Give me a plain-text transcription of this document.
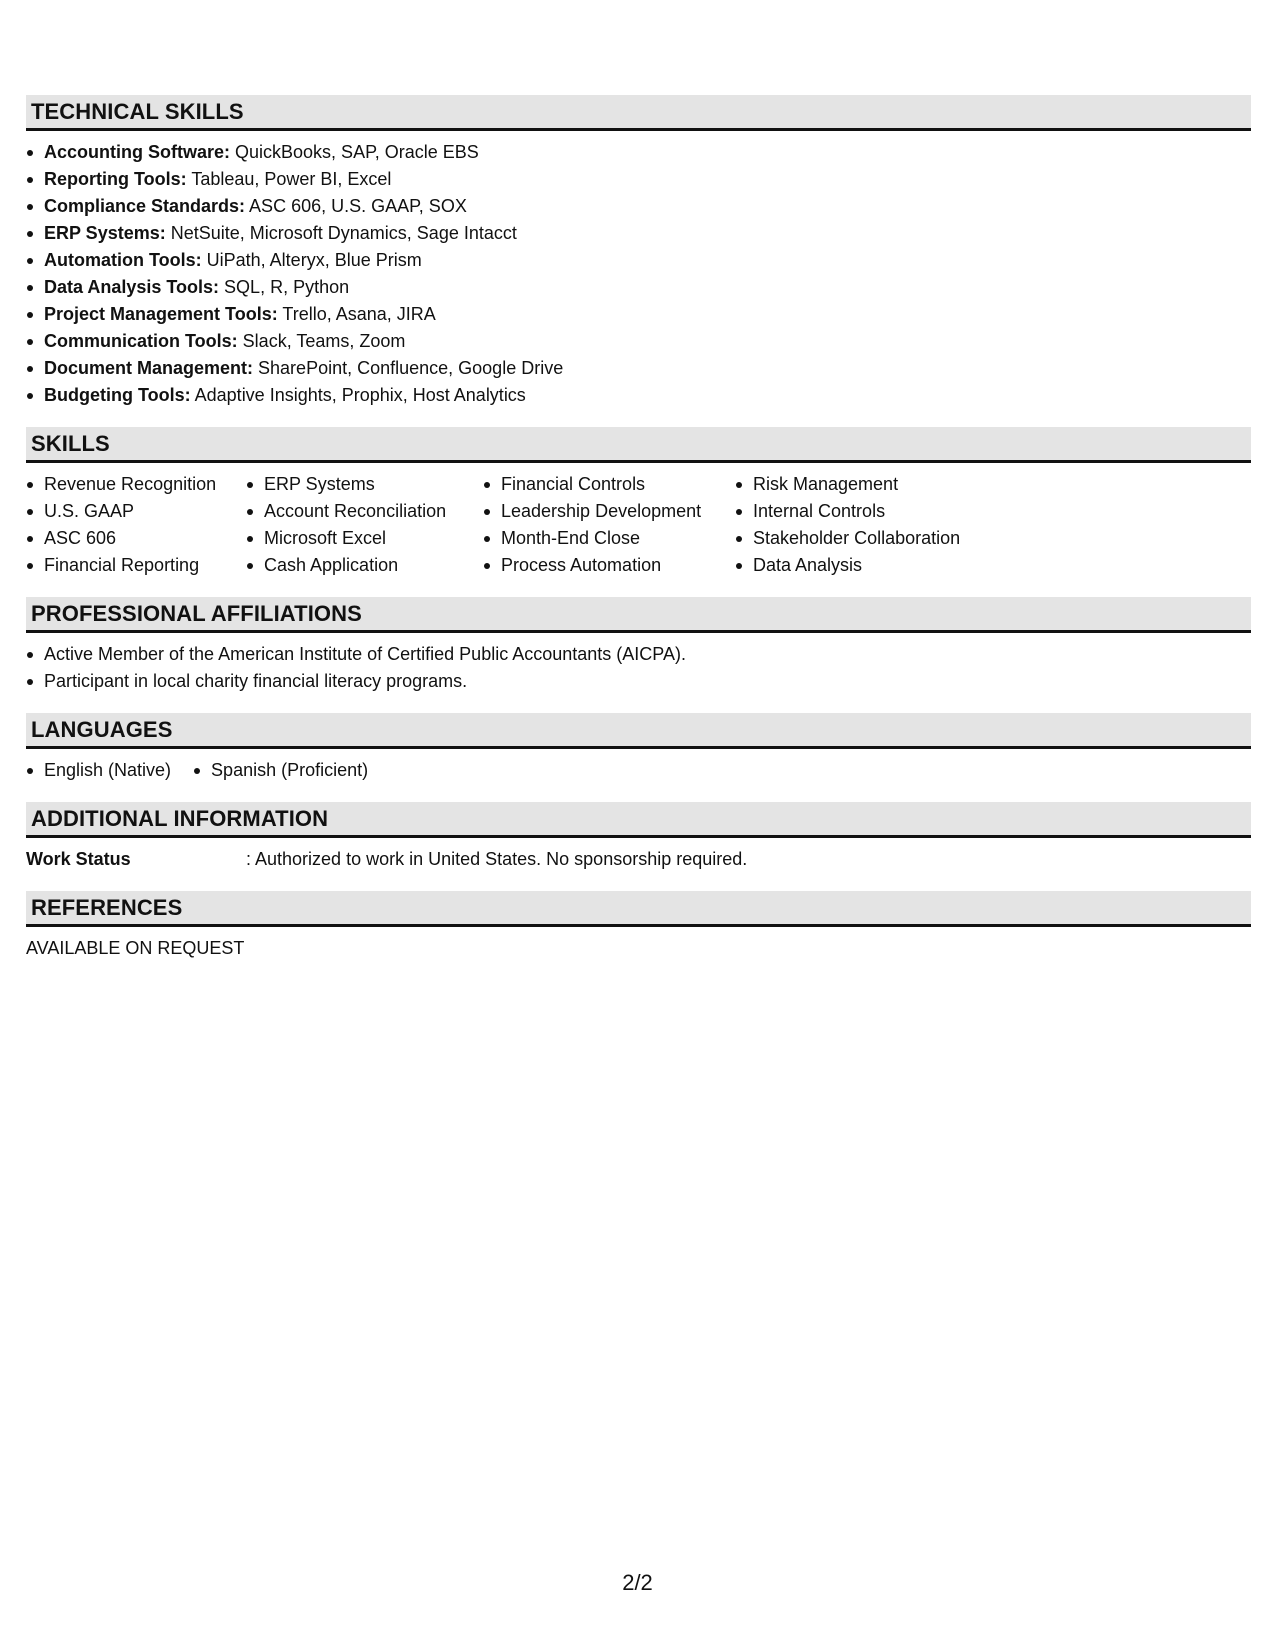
TECHNICAL SKILLS
Accounting Software: QuickBooks, SAP, Oracle EBS
Reporting Tools: Tableau, Power BI, Excel
Compliance Standards: ASC 606, U.S. GAAP, SOX
ERP Systems: NetSuite, Microsoft Dynamics, Sage Intacct
Automation Tools: UiPath, Alteryx, Blue Prism
Data Analysis Tools: SQL, R, Python
Project Management Tools: Trello, Asana, JIRA
Communication Tools: Slack, Teams, Zoom
Document Management: SharePoint, Confluence, Google Drive
Budgeting Tools: Adaptive Insights, Prophix, Host Analytics
SKILLS
Revenue Recognition
U.S. GAAP
ASC 606
Financial Reporting
ERP Systems
Account Reconciliation
Microsoft Excel
Cash Application
Financial Controls
Leadership Development
Month-End Close
Process Automation
Risk Management
Internal Controls
Stakeholder Collaboration
Data Analysis
PROFESSIONAL AFFILIATIONS
Active Member of the American Institute of Certified Public Accountants (AICPA).
Participant in local charity financial literacy programs.
LANGUAGES
English (Native)	Spanish (Proficient)
ADDITIONAL INFORMATION
Work Status	: Authorized to work in United States. No sponsorship required.
REFERENCES
AVAILABLE ON REQUEST
2/2
